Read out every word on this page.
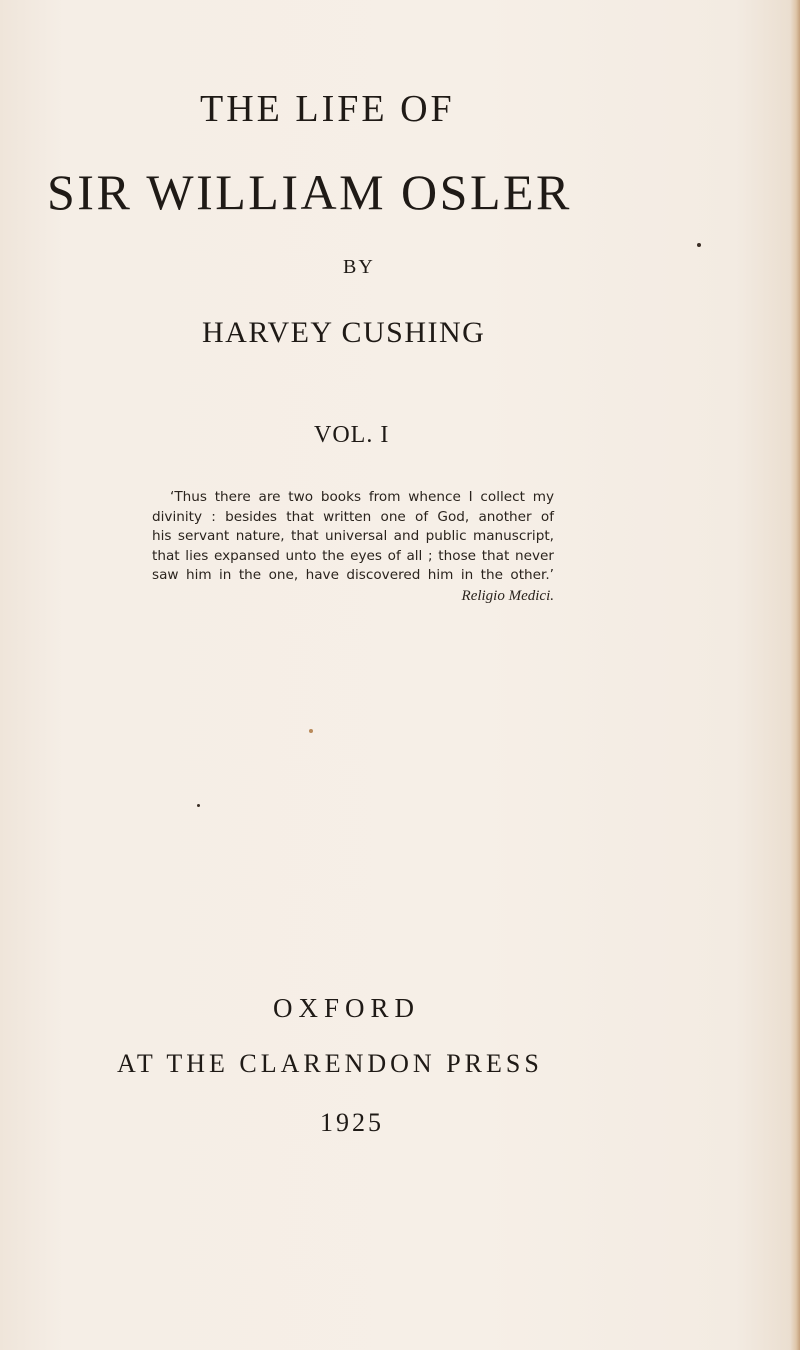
THE LIFE OF
SIR WILLIAM OSLER

BY

HARVEY CUSHING

VOL. I

‘Thus there are two books from whence I collect my
divinity : besides that written one of God, another of
his servant nature, that universal and public manuscript,
that lies expansed unto the eyes of all ; those that never
saw him in the one, have discovered him in the other.’
Religio Medici.

OXFORD

AT THE CLARENDON PRESS

1925
